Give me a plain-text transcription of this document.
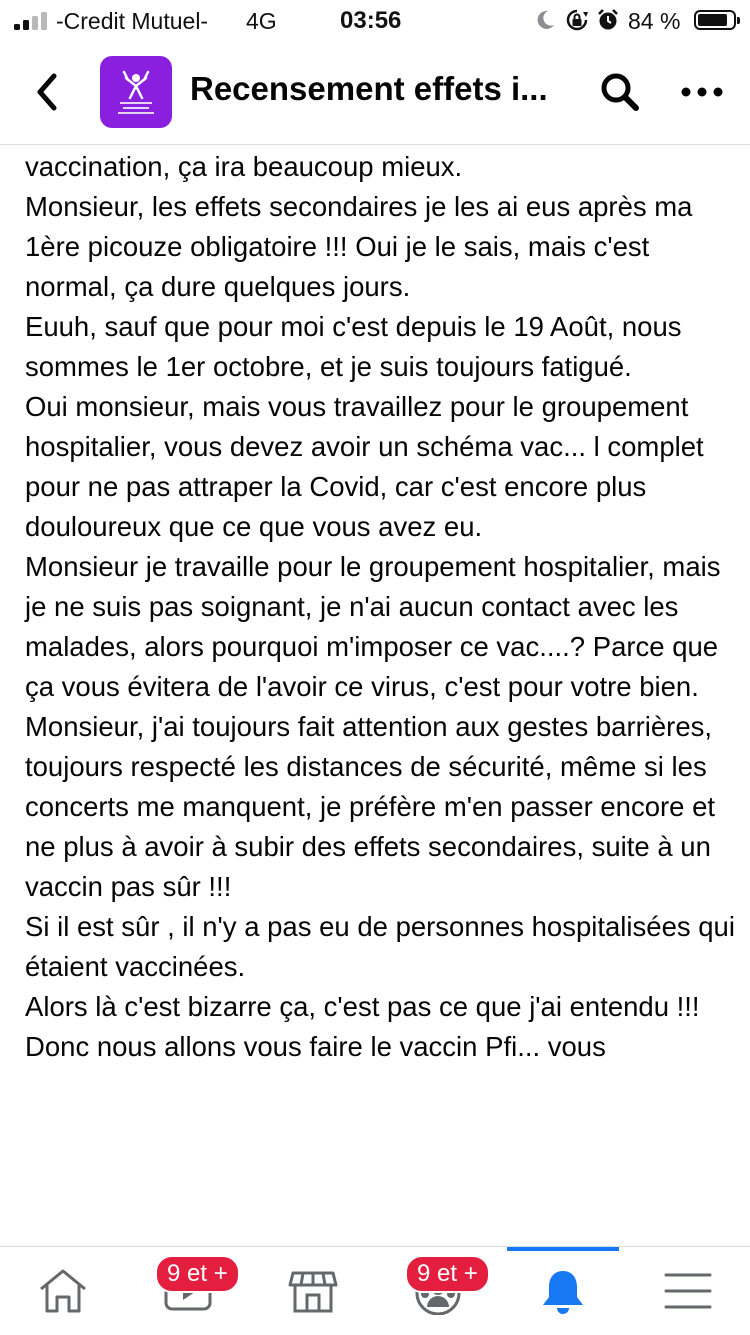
-Credit Mutuel- 4G	03:56	84 %
Recensement effets i...

vaccination, ça ira beaucoup mieux.

Monsieur, les effets secondaires je les ai eus après ma 1ère picouze obligatoire !!! Oui je le sais, mais c'est normal, ça dure quelques jours.

Euuh, sauf que pour moi c'est depuis le 19 Août, nous sommes le 1er octobre, et je suis toujours fatigué.

Oui monsieur, mais vous travaillez pour le groupement hospitalier, vous devez avoir un schéma vac... l complet pour ne pas attraper la Covid, car c'est encore plus douloureux que ce que vous avez eu.

Monsieur je travaille pour le groupement hospitalier, mais je ne suis pas soignant, je n'ai aucun contact avec les malades, alors pourquoi m'imposer ce vac....? Parce que ça vous évitera de l'avoir ce virus, c'est pour votre bien.

Monsieur, j'ai toujours fait attention aux gestes barrières, toujours respecté les distances de sécurité, même si les concerts me manquent, je préfère m'en passer encore et ne plus à avoir à subir des effets secondaires, suite à un vaccin pas sûr !!!

Si il est sûr , il n'y a pas eu de personnes hospitalisées qui étaient vaccinées.

Alors là c'est bizarre ça, c'est pas ce que j'ai entendu !!!

Donc nous allons vous faire le vaccin Pfi... vous

9 et +	9 et +
